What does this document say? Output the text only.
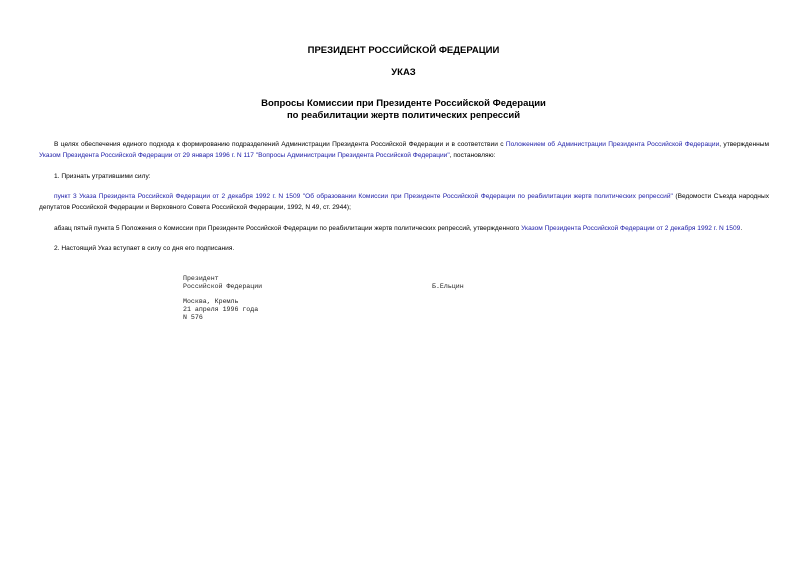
ПРЕЗИДЕНТ РОССИЙСКОЙ ФЕДЕРАЦИИ
УКАЗ
Вопросы Комиссии при Президенте Российской Федерации
по реабилитации жертв политических репрессий
В целях обеспечения единого подхода к формированию подразделений Администрации Президента Российской Федерации и в соответствии с Положением об Администрации Президента Российской Федерации, утвержденным Указом Президента Российской Федерации от 29 января 1996 г. N 117 "Вопросы Администрации Президента Российской Федерации", постановляю:
1. Признать утратившими силу:
пункт 3 Указа Президента Российской Федерации от 2 декабря 1992 г. N 1509 "Об образовании Комиссии при Президенте Российской Федерации по реабилитации жертв политических репрессий" (Ведомости Съезда народных депутатов Российской Федерации и Верховного Совета Российской Федерации, 1992, N 49, ст. 2944);
абзац пятый пункта 5 Положения о Комиссии при Президенте Российской Федерации по реабилитации жертв политических репрессий, утвержденного Указом Президента Российской Федерации от 2 декабря 1992 г. N 1509.
2. Настоящий Указ вступает в силу со дня его подписания.
Президент
Российской Федерации	Б.Ельцин
Москва, Кремль
21 апреля 1996 года
N 576
